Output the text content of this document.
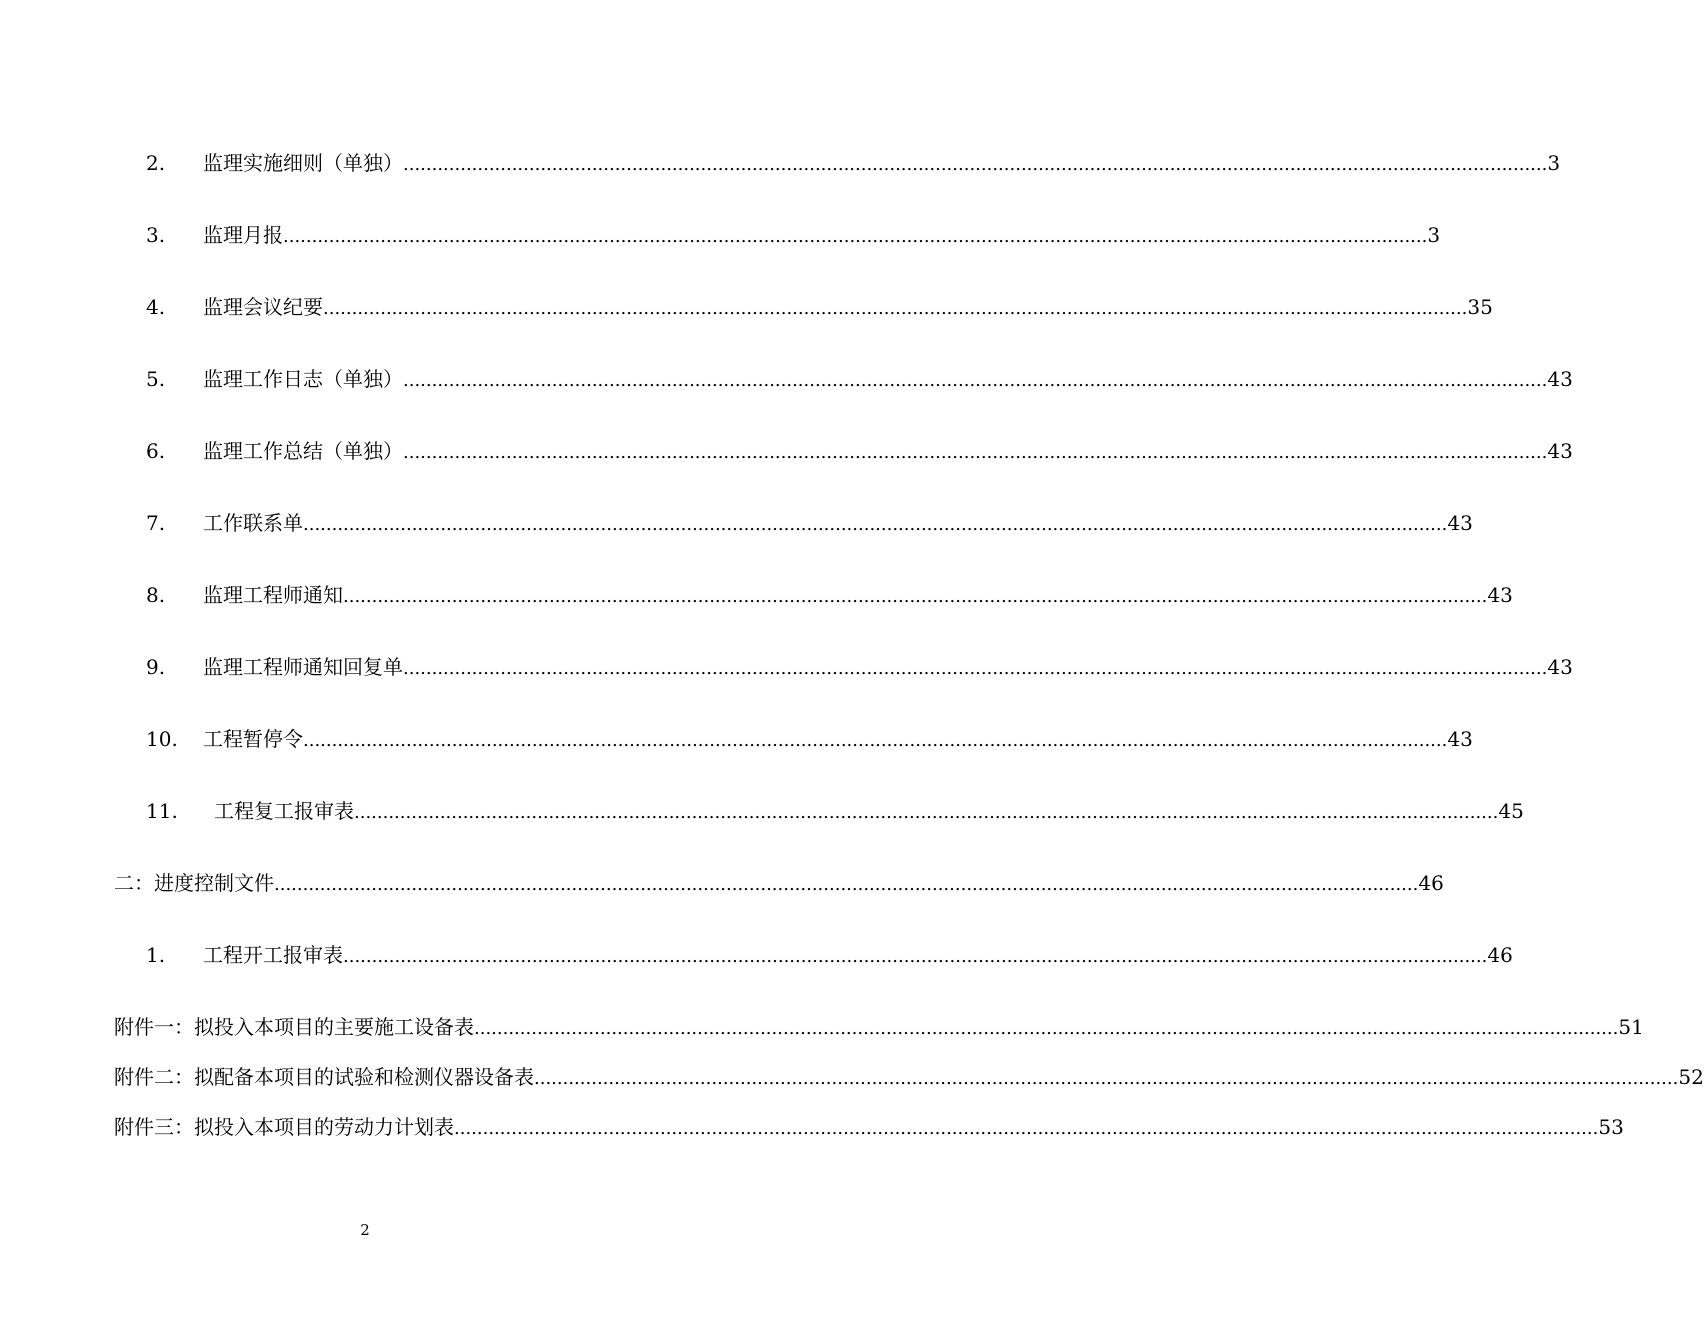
2. 监理实施细则（单独） ........................................................................................................................................................................................................ 3
3. 监理月报 ........................................................................................................................................................................................................ 3
4. 监理会议纪要 ........................................................................................................................................................................................................ 35
5. 监理工作日志（单独） ........................................................................................................................................................................................................ 43
6. 监理工作总结（单独） ........................................................................................................................................................................................................ 43
7. 工作联系单 ........................................................................................................................................................................................................ 43
8. 监理工程师通知 ........................................................................................................................................................................................................ 43
9. 监理工程师通知回复单 ........................................................................................................................................................................................................ 43
10. 工程暂停令 ........................................................................................................................................................................................................ 43
11. 工程复工报审表 ........................................................................................................................................................................................................ 45
二：进度控制文件 ........................................................................................................................................................................................................ 46
1. 工程开工报审表 ........................................................................................................................................................................................................ 46
附件一：拟投入本项目的主要施工设备表 ........................................................................................................................................................................................................ 51
附件二：拟配备本项目的试验和检测仪器设备表 ........................................................................................................................................................................................................ 52
附件三：拟投入本项目的劳动力计划表 ........................................................................................................................................................................................................ 53
2
